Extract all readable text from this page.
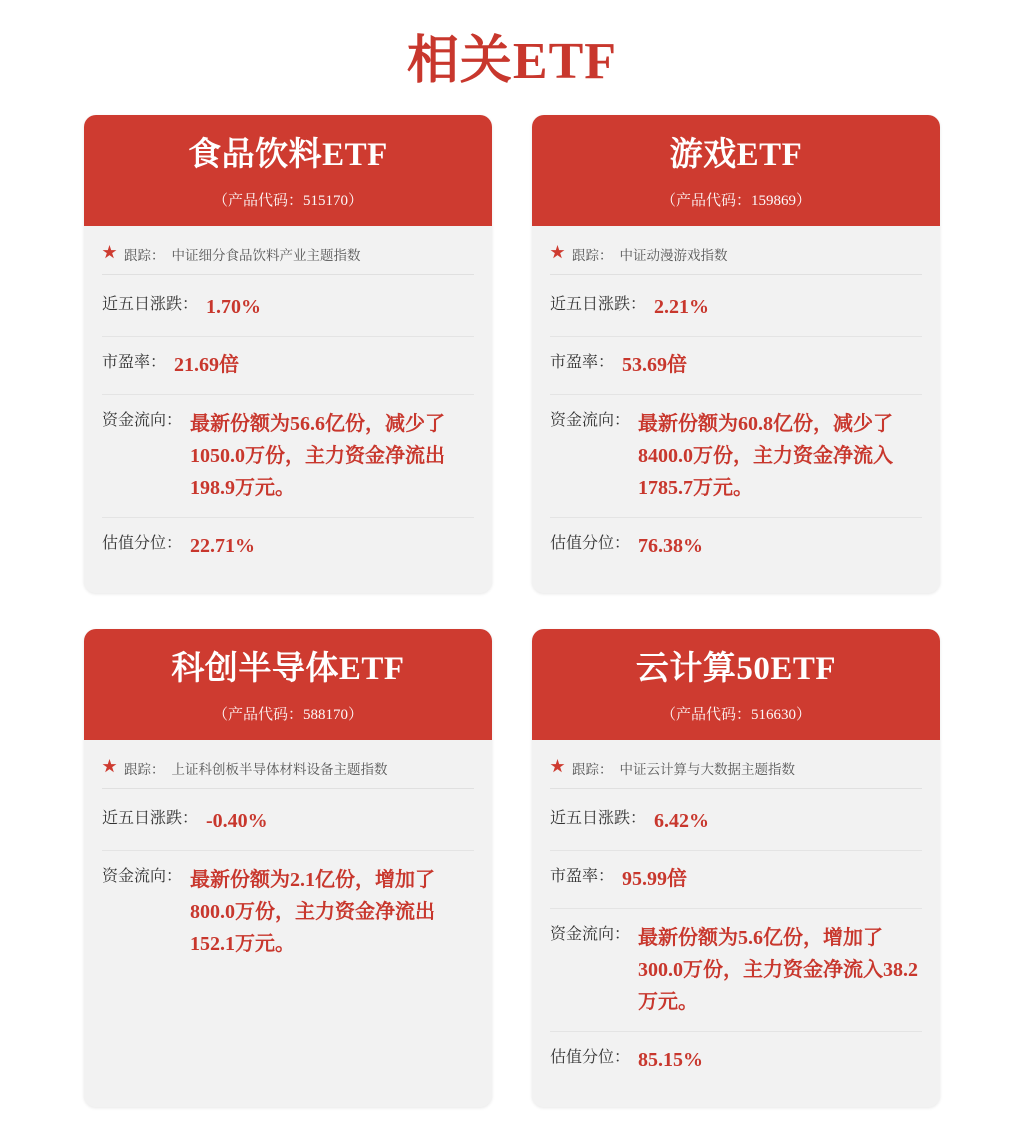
相关ETF
食品饮料ETF
（产品代码：515170）
★ 跟踪： 中证细分食品饮料产业主题指数
近五日涨跌： 1.70%
市盈率： 21.69倍
资金流向： 最新份额为56.6亿份，减少了1050.0万份，主力资金净流出198.9万元。
估值分位： 22.71%
游戏ETF
（产品代码：159869）
★ 跟踪： 中证动漫游戏指数
近五日涨跌： 2.21%
市盈率： 53.69倍
资金流向： 最新份额为60.8亿份，减少了8400.0万份，主力资金净流入1785.7万元。
估值分位： 76.38%
科创半导体ETF
（产品代码：588170）
★ 跟踪： 上证科创板半导体材料设备主题指数
近五日涨跌： -0.40%
资金流向： 最新份额为2.1亿份，增加了800.0万份，主力资金净流出152.1万元。
云计算50ETF
（产品代码：516630）
★ 跟踪： 中证云计算与大数据主题指数
近五日涨跌： 6.42%
市盈率： 95.99倍
资金流向： 最新份额为5.6亿份，增加了300.0万份，主力资金净流入38.2万元。
估值分位： 85.15%
